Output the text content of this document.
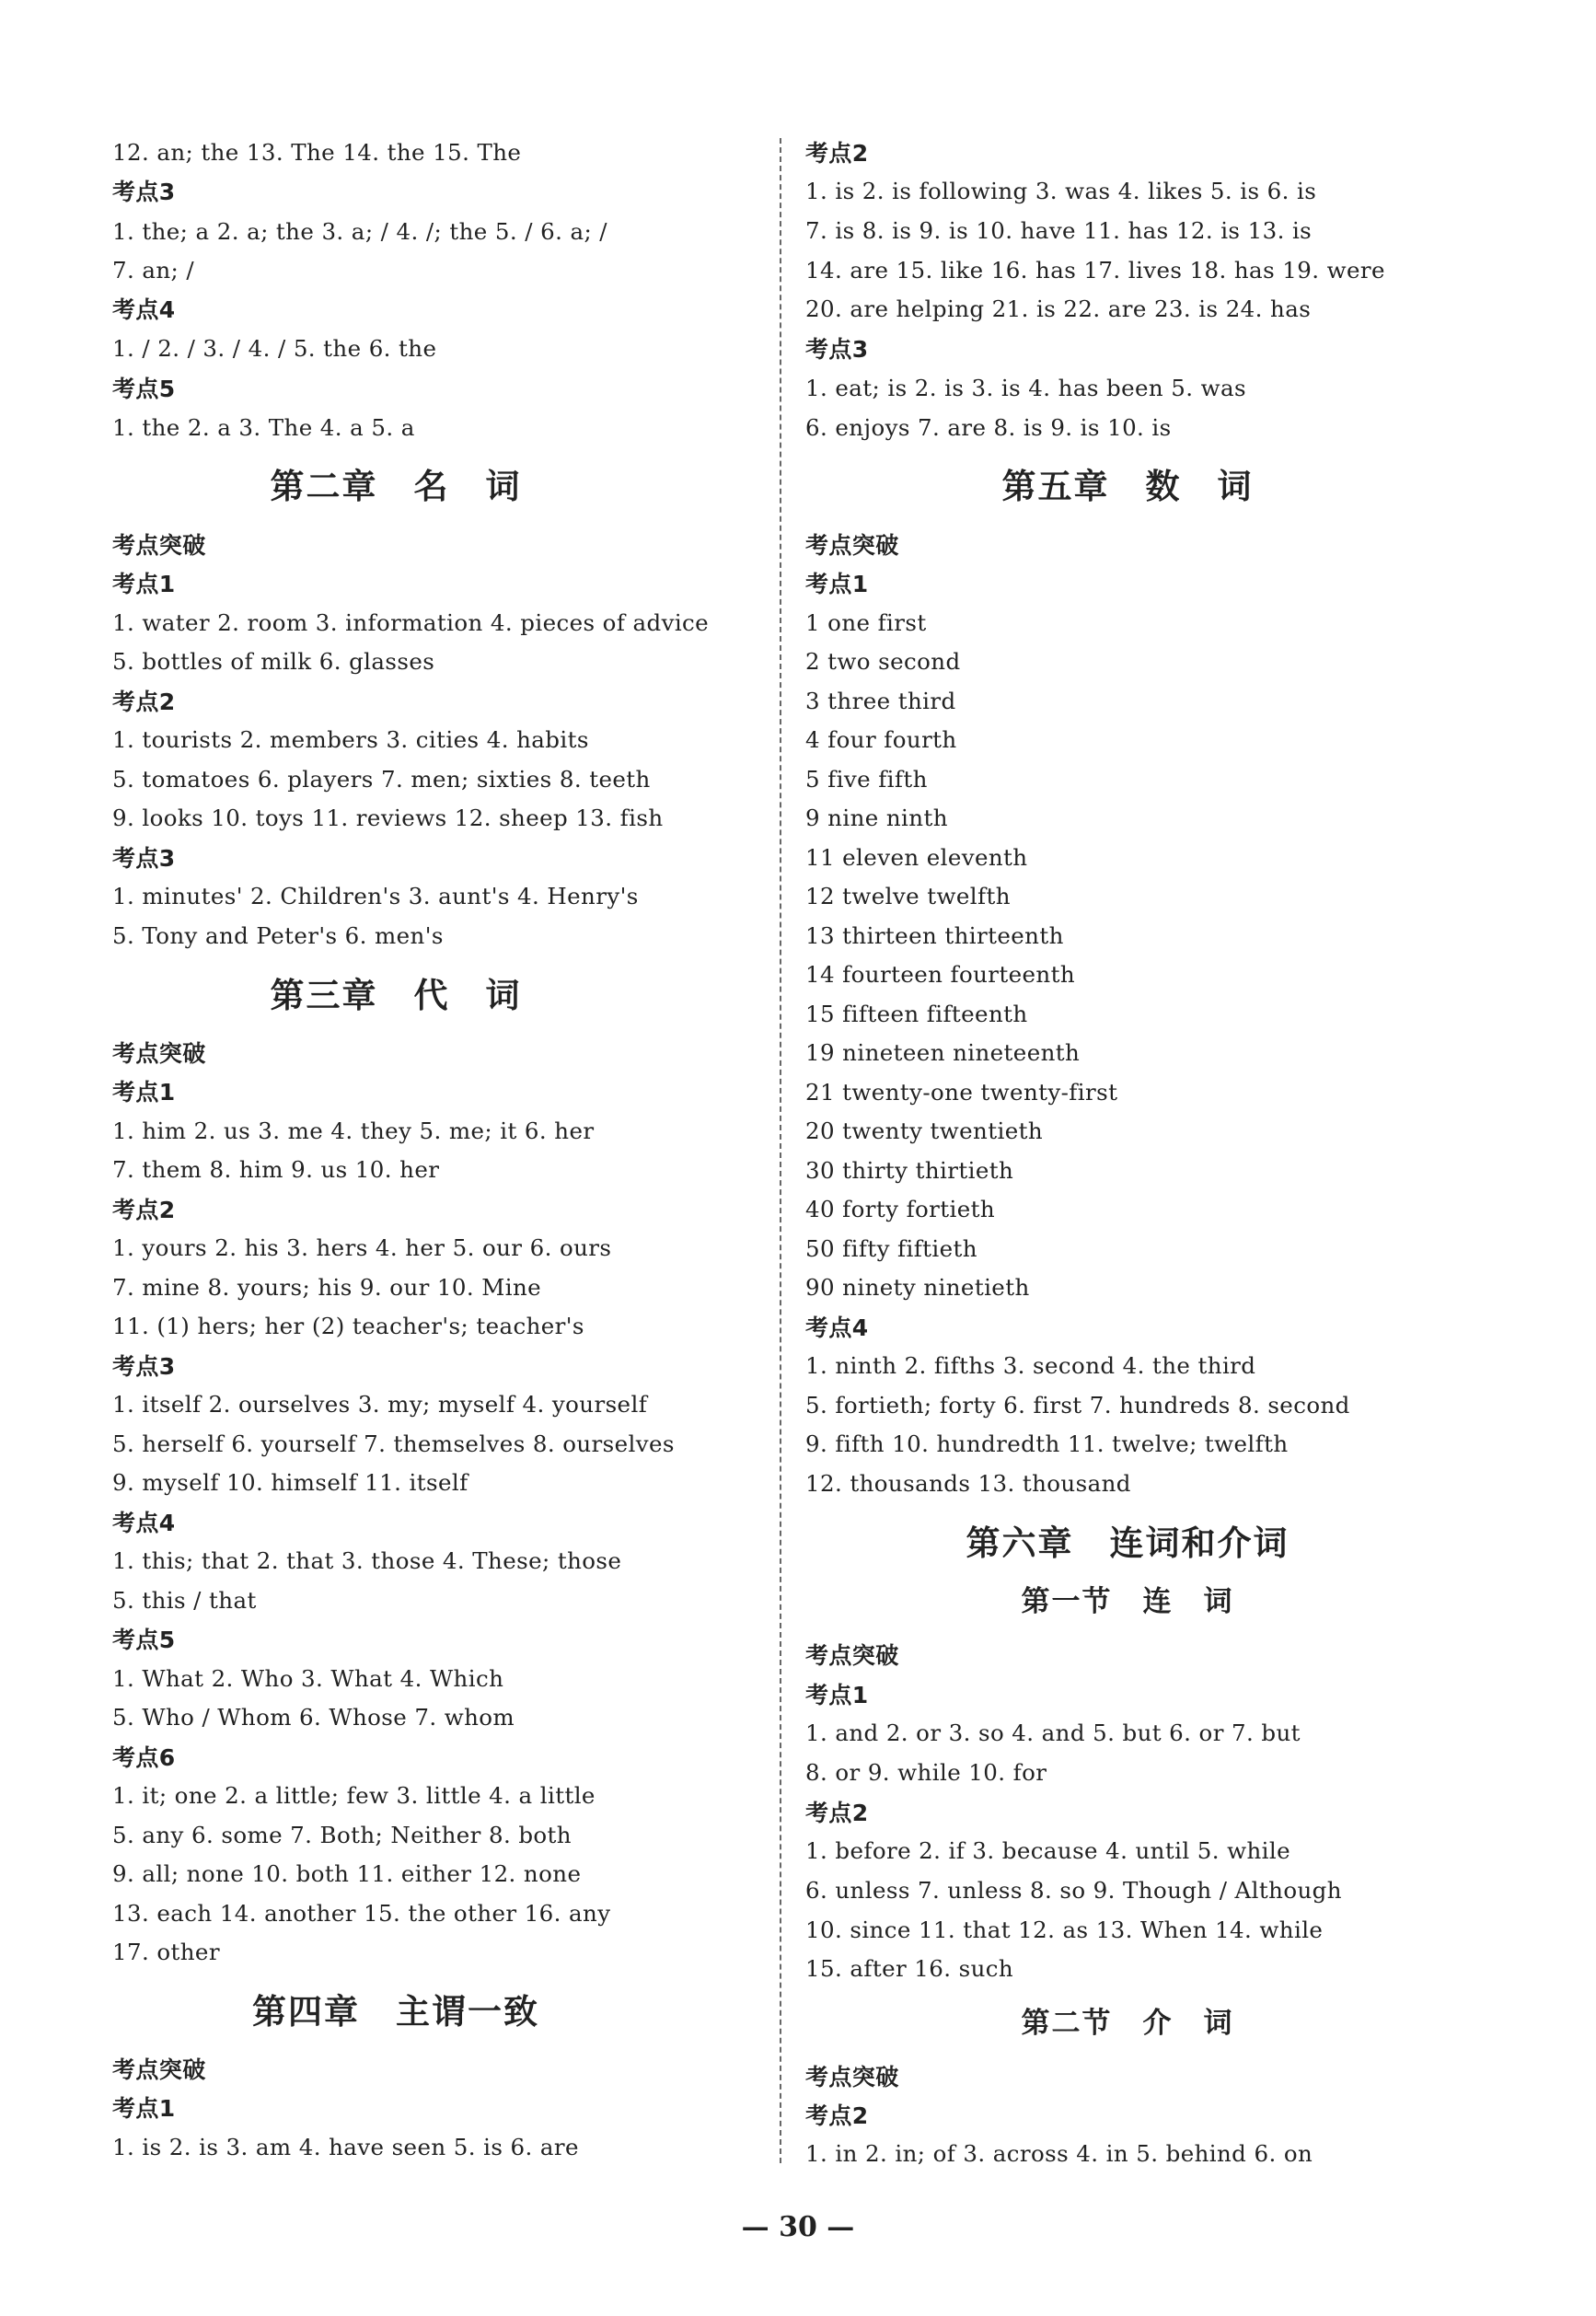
12. an; the 13. The 14. the 15. The
考点3
1. the; a 2. a; the 3. a; / 4. /; the 5. / 6. a; /
7. an; /
考点4
1. / 2. / 3. / 4. / 5. the 6. the
考点5
1. the 2. a 3. The 4. a 5. a
第二章　名　词
考点突破
考点1
1. water 2. room 3. information 4. pieces of advice
5. bottles of milk 6. glasses
考点2
1. tourists 2. members 3. cities 4. habits
5. tomatoes 6. players 7. men; sixties 8. teeth
9. looks 10. toys 11. reviews 12. sheep 13. fish
考点3
1. minutes' 2. Children's 3. aunt's 4. Henry's
5. Tony and Peter's 6. men's
第三章　代　词
考点突破
考点1
1. him 2. us 3. me 4. they 5. me; it 6. her
7. them 8. him 9. us 10. her
考点2
1. yours 2. his 3. hers 4. her 5. our 6. ours
7. mine 8. yours; his 9. our 10. Mine
11. (1) hers; her (2) teacher's; teacher's
考点3
1. itself 2. ourselves 3. my; myself 4. yourself
5. herself 6. yourself 7. themselves 8. ourselves
9. myself 10. himself 11. itself
考点4
1. this; that 2. that 3. those 4. These; those
5. this / that
考点5
1. What 2. Who 3. What 4. Which
5. Who / Whom 6. Whose 7. whom
考点6
1. it; one 2. a little; few 3. little 4. a little
5. any 6. some 7. Both; Neither 8. both
9. all; none 10. both 11. either 12. none
13. each 14. another 15. the other 16. any
17. other
第四章　主谓一致
考点突破
考点1
1. is 2. is 3. am 4. have seen 5. is 6. are
考点2
1. is 2. is following 3. was 4. likes 5. is 6. is
7. is 8. is 9. is 10. have 11. has 12. is 13. is
14. are 15. like 16. has 17. lives 18. has 19. were
20. are helping 21. is 22. are 23. is 24. has
考点3
1. eat; is 2. is 3. is 4. has been 5. was
6. enjoys 7. are 8. is 9. is 10. is
第五章　数　词
考点突破
考点1
1 one first
2 two second
3 three third
4 four fourth
5 five fifth
9 nine ninth
11 eleven eleventh
12 twelve twelfth
13 thirteen thirteenth
14 fourteen fourteenth
15 fifteen fifteenth
19 nineteen nineteenth
21 twenty-one twenty-first
20 twenty twentieth
30 thirty thirtieth
40 forty fortieth
50 fifty fiftieth
90 ninety ninetieth
考点4
1. ninth 2. fifths 3. second 4. the third
5. fortieth; forty 6. first 7. hundreds 8. second
9. fifth 10. hundredth 11. twelve; twelfth
12. thousands 13. thousand
第六章　连词和介词
第一节　连　词
考点突破
考点1
1. and 2. or 3. so 4. and 5. but 6. or 7. but
8. or 9. while 10. for
考点2
1. before 2. if 3. because 4. until 5. while
6. unless 7. unless 8. so 9. Though / Although
10. since 11. that 12. as 13. When 14. while
15. after 16. such
第二节　介　词
考点突破
考点2
1. in 2. in; of 3. across 4. in 5. behind 6. on
— 30 —
